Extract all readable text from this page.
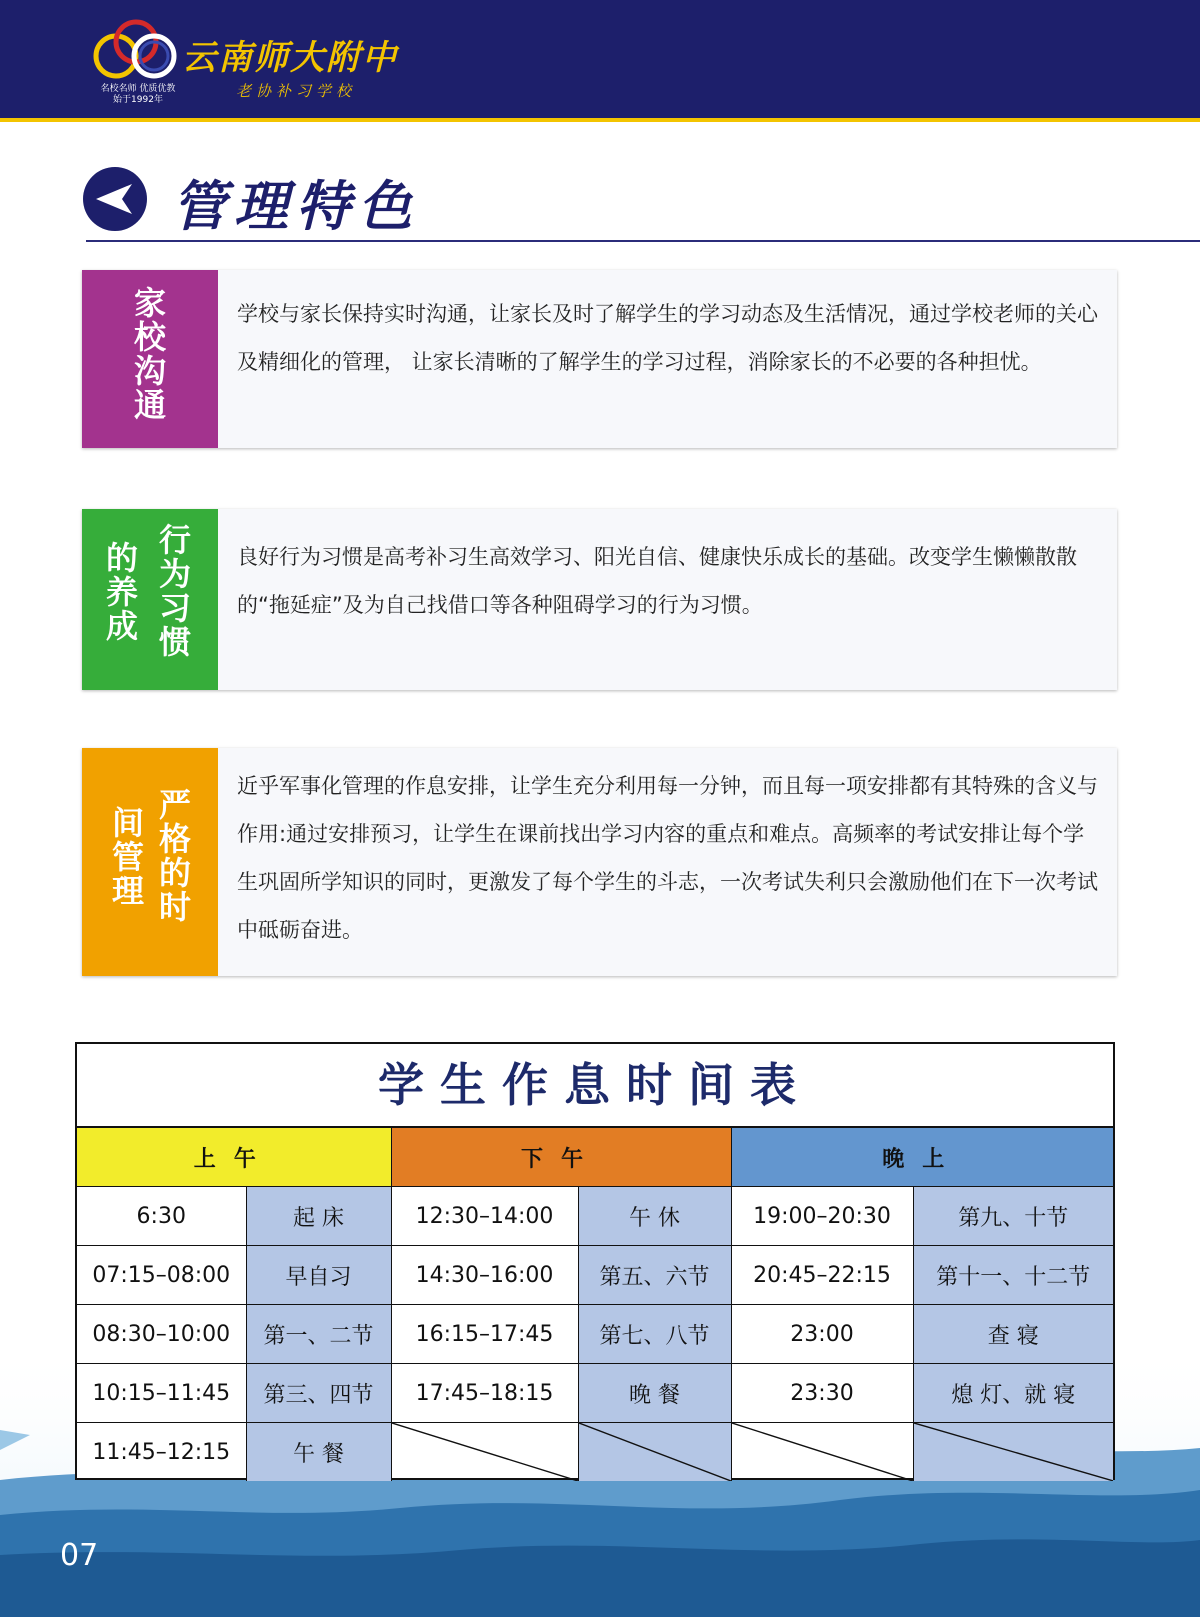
名校名师 优质优教
始于1992年
云南师大附中
老协补习学校
管理特色
家校沟通	学校与家长保持实时沟通，让家长及时了解学生的学习动态及生活情况，通过学校老师的关心及精细化的管理， 让家长清晰的了解学生的学习过程，消除家长的不必要的各种担忧。
行为习惯
的养成	良好行为习惯是高考补习生高效学习、阳光自信、健康快乐成长的基础。改变学生懒懒散散的“拖延症”及为自己找借口等各种阻碍学习的行为习惯。
严格的时
间管理
近乎军事化管理的作息安排，让学生充分利用每一分钟，而且每一项安排都有其特殊的含义与作用:通过安排预习，让学生在课前找出学习内容的重点和难点。高频率的考试安排让每个学生巩固所学知识的同时，更激发了每个学生的斗志，一次考试失利只会激励他们在下一次考试中砥砺奋进。
学生作息时间表
上午		下午		晚上	
6:30	起 床	12:30–14:00	午 休	19:00–20:30	第九、十节
07:15–08:00	早自习	14:30–16:00	第五、六节	20:45–22:15	第十一、十二节
08:30–10:00	第一、二节	16:15–17:45	第七、八节	23:00	查 寝
10:15–11:45	第三、四节	17:45–18:15	晚 餐	23:30	熄 灯、就 寝
11:45–12:15	午 餐	

07
